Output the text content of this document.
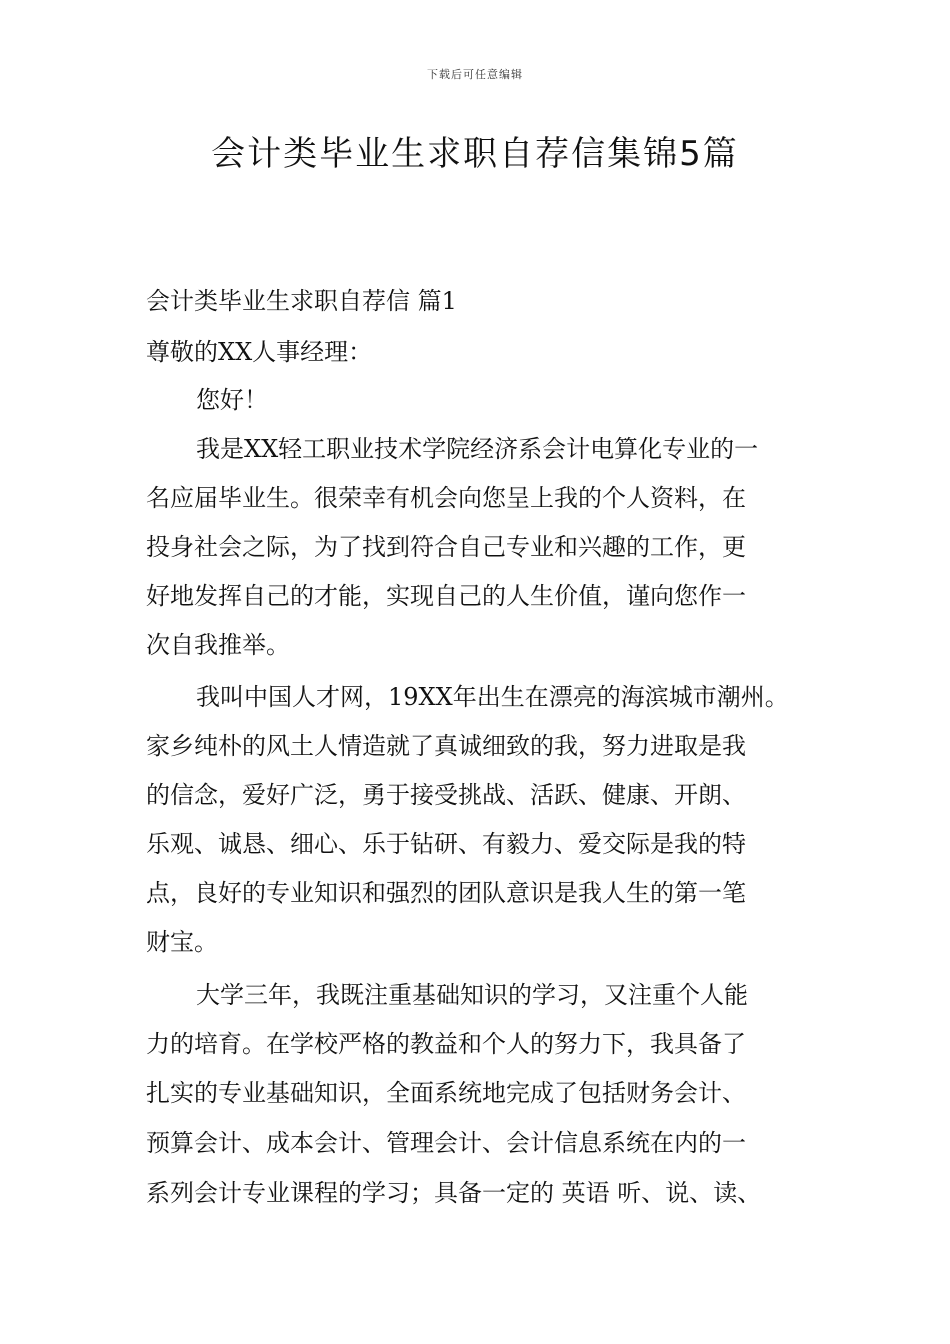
下载后可任意编辑
会计类毕业生求职自荐信集锦5篇
会计类毕业生求职自荐信 篇1
尊敬的XX人事经理：
您好！
我是XX轻工职业技术学院经济系会计电算化专业的一
名应届毕业生。很荣幸有机会向您呈上我的个人资料，在
投身社会之际，为了找到符合自己专业和兴趣的工作，更
好地发挥自己的才能，实现自己的人生价值，谨向您作一
次自我推举。
我叫中国人才网，19XX年出生在漂亮的海滨城市潮州。
家乡纯朴的风土人情造就了真诚细致的我，努力进取是我
的信念，爱好广泛，勇于接受挑战、活跃、健康、开朗、
乐观、诚恳、细心、乐于钻研、有毅力、爱交际是我的特
点，良好的专业知识和强烈的团队意识是我人生的第一笔
财宝。
大学三年，我既注重基础知识的学习，又注重个人能
力的培育。在学校严格的教益和个人的努力下，我具备了
扎实的专业基础知识，全面系统地完成了包括财务会计、
预算会计、成本会计、管理会计、会计信息系统在内的一
系列会计专业课程的学习；具备一定的 英语 听、说、读、
